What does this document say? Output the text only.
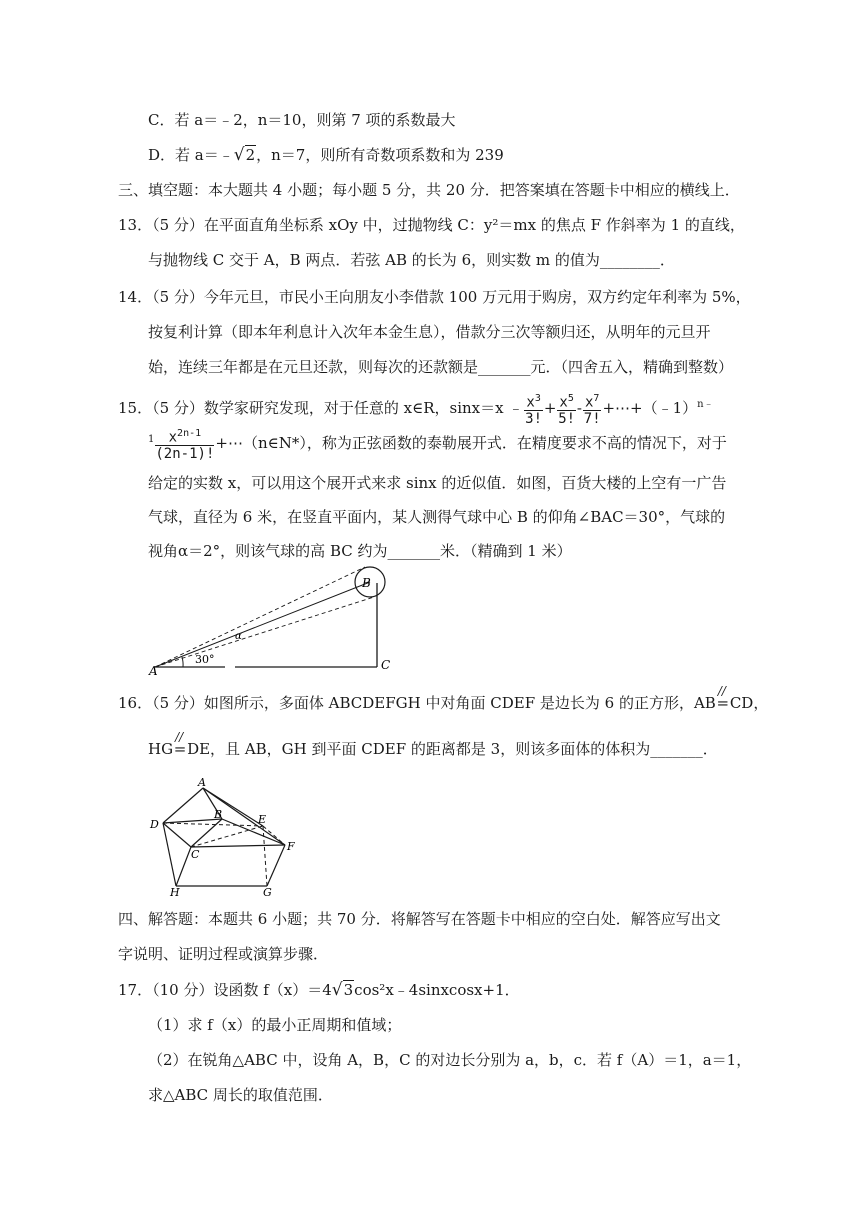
C．若 a＝﹣2，n＝10，则第 7 项的系数最大
D．若 a＝﹣√2，n＝7，则所有奇数项系数和为 239
三、填空题：本大题共 4 小题；每小题 5 分，共 20 分．把答案填在答题卡中相应的横线上．
13．（5 分）在平面直角坐标系 xOy 中，过抛物线 C：y²＝mx 的焦点 F 作斜率为 1 的直线，
与抛物线 C 交于 A，B 两点．若弦 AB 的长为 6，则实数 m 的值为________．
14．（5 分）今年元旦，市民小王向朋友小李借款 100 万元用于购房，双方约定年利率为 5%，
按复利计算（即本年利息计入次年本金生息），借款分三次等额归还，从明年的元旦开
始，连续三年都是在元旦还款，则每次的还款额是_______元．（四舍五入，精确到整数）
15．（5 分）数学家研究发现，对于任意的 x∈R，sinx＝x ﹣ $\frac{x^3}{3!} + \frac{x^5}{5!} - \frac{x^7}{7!}$ +⋯+（﹣1）$^{n﹣}$
$^1 \frac{x^{2n-1}}{(2n-1)!}$ +⋯（n∈N*），称为正弦函数的泰勒展开式．在精度要求不高的情况下，对于
给定的实数 x，可以用这个展开式来求 sinx 的近似值．如图，百货大楼的上空有一广告
气球，直径为 6 米，在竖直平面内，某人测得气球中心 B 的仰角∠BAC＝30°，气球的
视角α＝2°，则该气球的高 BC 约为_______米．（精确到 1 米）
A
B
C
30°
α
16．（5 分）如图所示，多面体 ABCDEFGH 中对角面 CDEF 是边长为 6 的正方形，AB
//
=CD，
HG
//
=DE，且 AB，GH 到平面 CDEF 的距离都是 3，则该多面体的体积为_______．
A
B
C
D	E
F
G
H
四、解答题：本题共 6 小题；共 70 分．将解答写在答题卡中相应的空白处．解答应写出文
字说明、证明过程或演算步骤．
17．（10 分）设函数 f（x）＝4√3cos²x﹣4sinxcosx+1．
（1）求 f（x）的最小正周期和值域；
（2）在锐角△ABC 中，设角 A，B，C 的对边长分别为 a，b，c．若 f（A）＝1，a＝1，
求△ABC 周长的取值范围．
